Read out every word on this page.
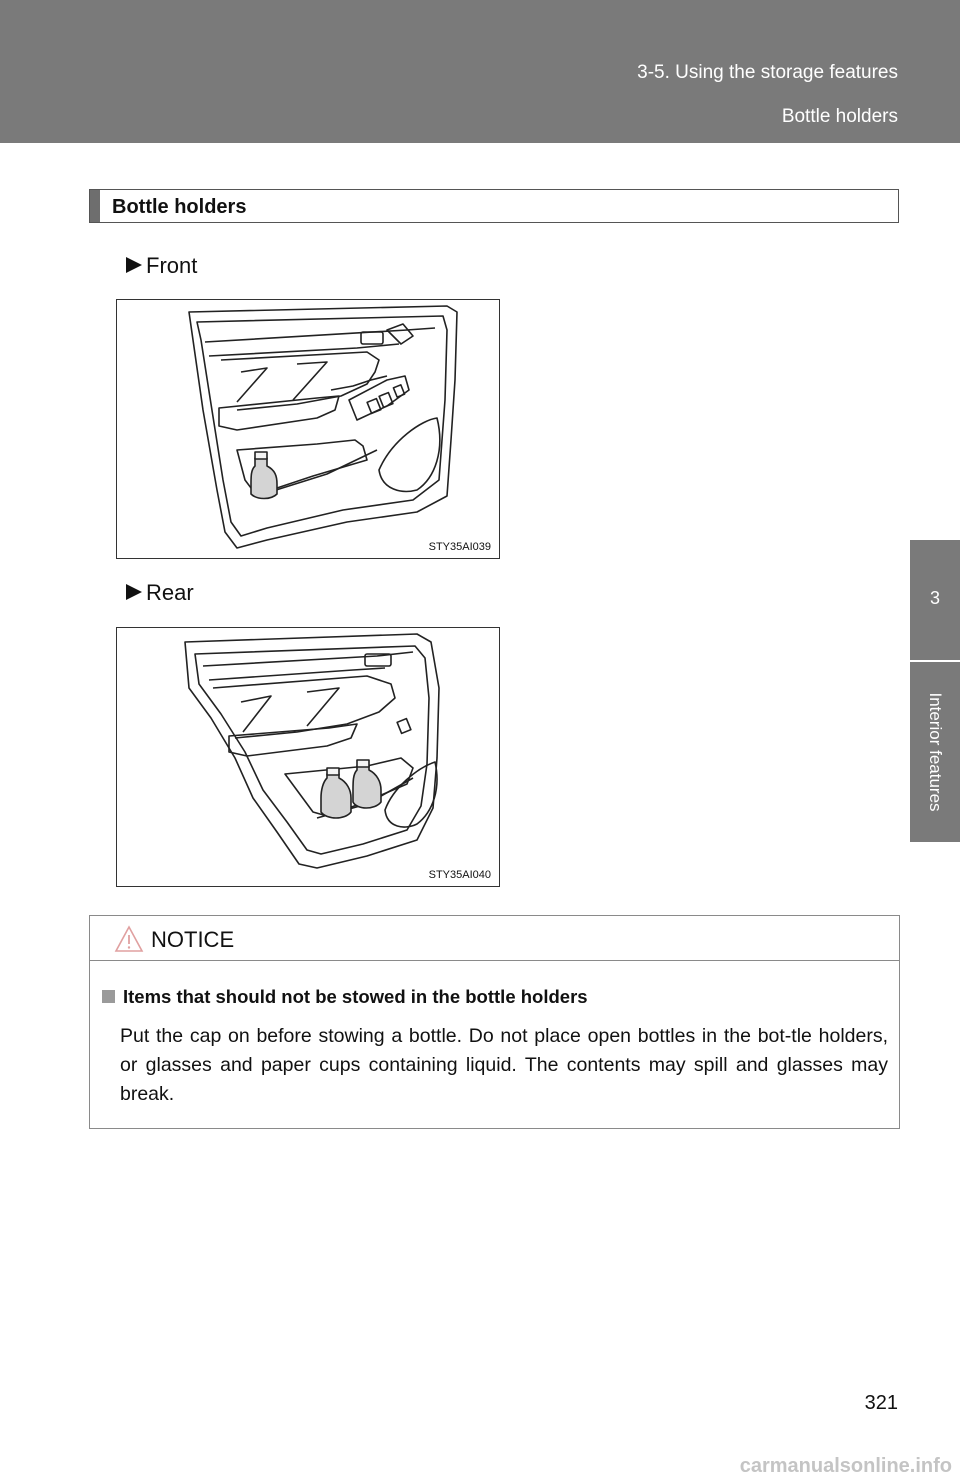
3-5. Using the storage features
Bottle holders
3
Interior features
Bottle holders
Front
STY35AI039
Rear
STY35AI040
NOTICE
Items that should not be stowed in the bottle holders
Put the cap on before stowing a bottle. Do not place open bottles in the bot-tle holders, or glasses and paper cups containing liquid. The contents may spill and glasses may break.
321
carmanualsonline.info
